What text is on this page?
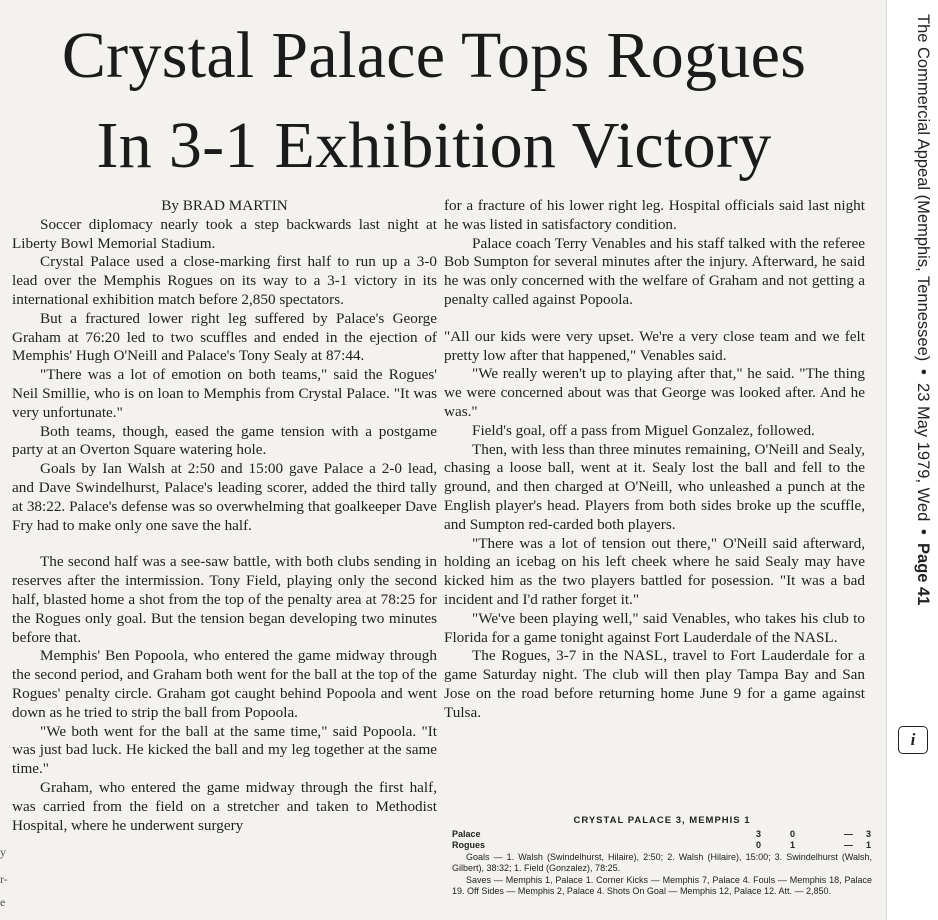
Crystal Palace Tops Rogues
In 3-1 Exhibition Victory
By BRAD MARTIN

Soccer diplomacy nearly took a step backwards last night at Liberty Bowl Memorial Stadium.

Crystal Palace used a close-marking first half to run up a 3-0 lead over the Memphis Rogues on its way to a 3-1 victory in its international exhibition match before 2,850 spectators.

But a fractured lower right leg suffered by Palace's George Graham at 76:20 led to two scuffles and ended in the ejection of Memphis' Hugh O'Neill and Palace's Tony Sealy at 87:44.

"There was a lot of emotion on both teams," said the Rogues' Neil Smillie, who is on loan to Memphis from Crystal Palace. "It was very unfortunate."

Both teams, though, eased the game tension with a postgame party at an Overton Square watering hole.

Goals by Ian Walsh at 2:50 and 15:00 gave Palace a 2-0 lead, and Dave Swindelhurst, Palace's leading scorer, added the third tally at 38:22. Palace's defense was so overwhelming that goalkeeper Dave Fry had to make only one save the half.

The second half was a see-saw battle, with both clubs sending in reserves after the intermission. Tony Field, playing only the second half, blasted home a shot from the top of the penalty area at 78:25 for the Rogues only goal. But the tension began developing two minutes before that.

Memphis' Ben Popoola, who entered the game midway through the second period, and Graham both went for the ball at the top of the Rogues' penalty circle. Graham got caught behind Popoola and went down as he tried to strip the ball from Popoola.

"We both went for the ball at the same time," said Popoola. "It was just bad luck. He kicked the ball and my leg together at the same time."

Graham, who entered the game midway through the first half, was carried from the field on a stretcher and taken to Methodist Hospital, where he underwent surgery

for a fracture of his lower right leg. Hospital officials said last night he was listed in satisfactory condition.

Palace coach Terry Venables and his staff talked with the referee Bob Sumpton for several minutes after the injury. Afterward, he said he was only concerned with the welfare of Graham and not getting a penalty called against Popoola.

"All our kids were very upset. We're a very close team and we felt pretty low after that happened," Venables said.

"We really weren't up to playing after that," he said. "The thing we were concerned about was that George was looked after. And he was."

Field's goal, off a pass from Miguel Gonzalez, followed.

Then, with less than three minutes remaining, O'Neill and Sealy, chasing a loose ball, went at it. Sealy lost the ball and fell to the ground, and then charged at O'Neill, who unleashed a punch at the English player's head. Players from both sides broke up the scuffle, and Sumpton red-carded both players.

"There was a lot of tension out there," O'Neill said afterward, holding an icebag on his left cheek where he said Sealy may have kicked him as the two players battled for posession. "It was a bad incident and I'd rather forget it."

"We've been playing well," said Venables, who takes his club to Florida for a game tonight against Fort Lauderdale of the NASL.

The Rogues, 3-7 in the NASL, travel to Fort Lauderdale for a game Saturday night. The club will then play Tampa Bay and San Jose on the road before returning home June 9 for a game against Tulsa.

CRYSTAL PALACE 3, MEMPHIS 1
Palace	3	0	— 3
Rogues	0	1	— 1

Goals — 1. Walsh (Swindelhurst, Hilaire), 2:50; 2. Walsh (Hilaire), 15:00; 3. Swindelhurst (Walsh, Gilbert), 38:32; 1. Field (Gonzalez), 78:25.

Saves — Memphis 1, Palace 1. Corner Kicks — Memphis 7, Palace 4. Fouls — Memphis 18, Palace 19. Off Sides — Memphis 2, Palace 4. Shots On Goal — Memphis 12, Palace 12. Att. — 2,850.

y
r-
e
The Commercial Appeal (Memphis, Tennessee)•23 May 1979, Wed•Page 41
i
